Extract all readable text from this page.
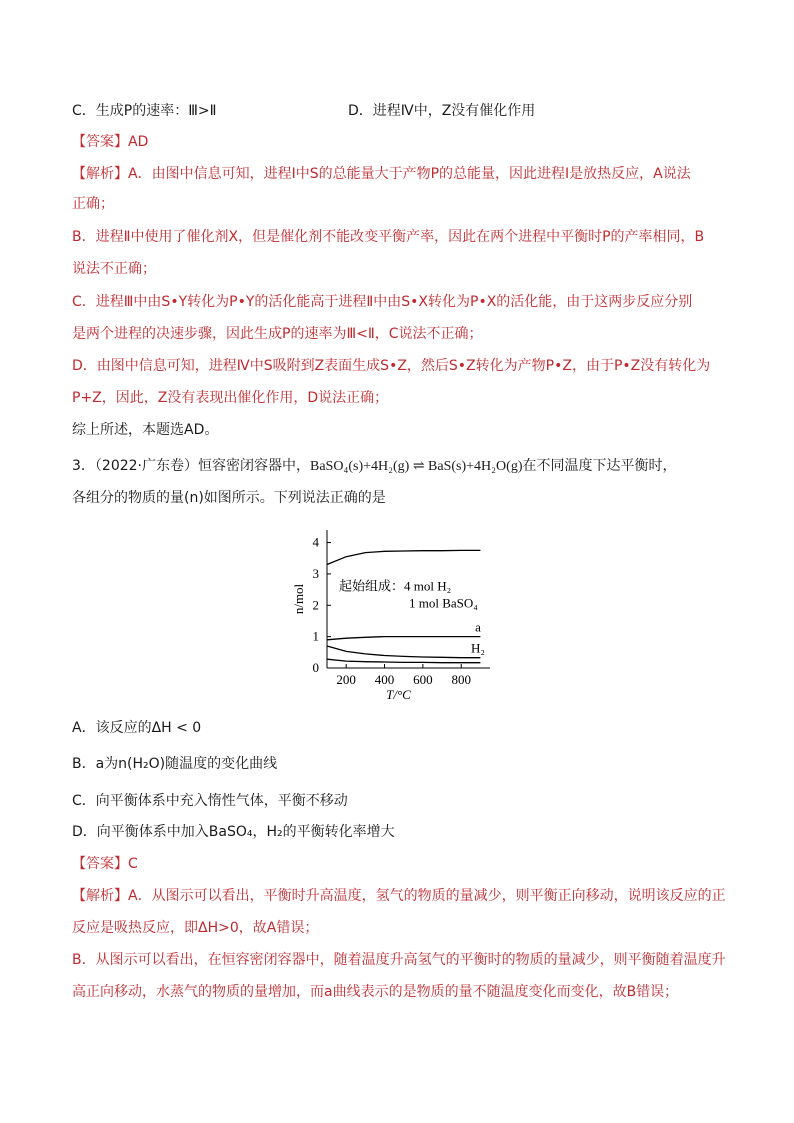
C．生成P的速率：Ⅲ>Ⅱ	D．进程Ⅳ中，Z没有催化作用
【答案】AD
【解析】A．由图中信息可知，进程Ⅰ中S的总能量大于产物P的总能量，因此进程Ⅰ是放热反应，A说法
正确；
B．进程Ⅱ中使用了催化剂X，但是催化剂不能改变平衡产率，因此在两个进程中平衡时P的产率相同，B
说法不正确；
C．进程Ⅲ中由S•Y转化为P•Y的活化能高于进程Ⅱ中由S•X转化为P•X的活化能，由于这两步反应分别
是两个进程的决速步骤，因此生成P的速率为Ⅲ<Ⅱ，C说法不正确；
D．由图中信息可知，进程Ⅳ中S吸附到Z表面生成S•Z，然后S•Z转化为产物P•Z，由于P•Z没有转化为
P+Z，因此，Z没有表现出催化作用，D说法正确；
综上所述，本题选AD。
3．（2022·广东卷）恒容密闭容器中，BaSO₄(s)+4H₂(g) ⇌ BaS(s)+4H₂O(g)在不同温度下达平衡时，
各组分的物质的量(n)如图所示。下列说法正确的是
0
1
2
3
4
200 400 600 800
T/°C
n/mol
a
H₂
起始组成：4 mol H₂
1 mol BaSO₄
A．该反应的ΔH < 0
B．a为n(H₂O)随温度的变化曲线
C．向平衡体系中充入惰性气体，平衡不移动
D．向平衡体系中加入BaSO₄，H₂的平衡转化率增大
【答案】C
【解析】A．从图示可以看出，平衡时升高温度，氢气的物质的量减少，则平衡正向移动，说明该反应的正
反应是吸热反应，即ΔH>0，故A错误；
B．从图示可以看出，在恒容密闭容器中，随着温度升高氢气的平衡时的物质的量减少，则平衡随着温度升
高正向移动，水蒸气的物质的量增加，而a曲线表示的是物质的量不随温度变化而变化，故B错误；
